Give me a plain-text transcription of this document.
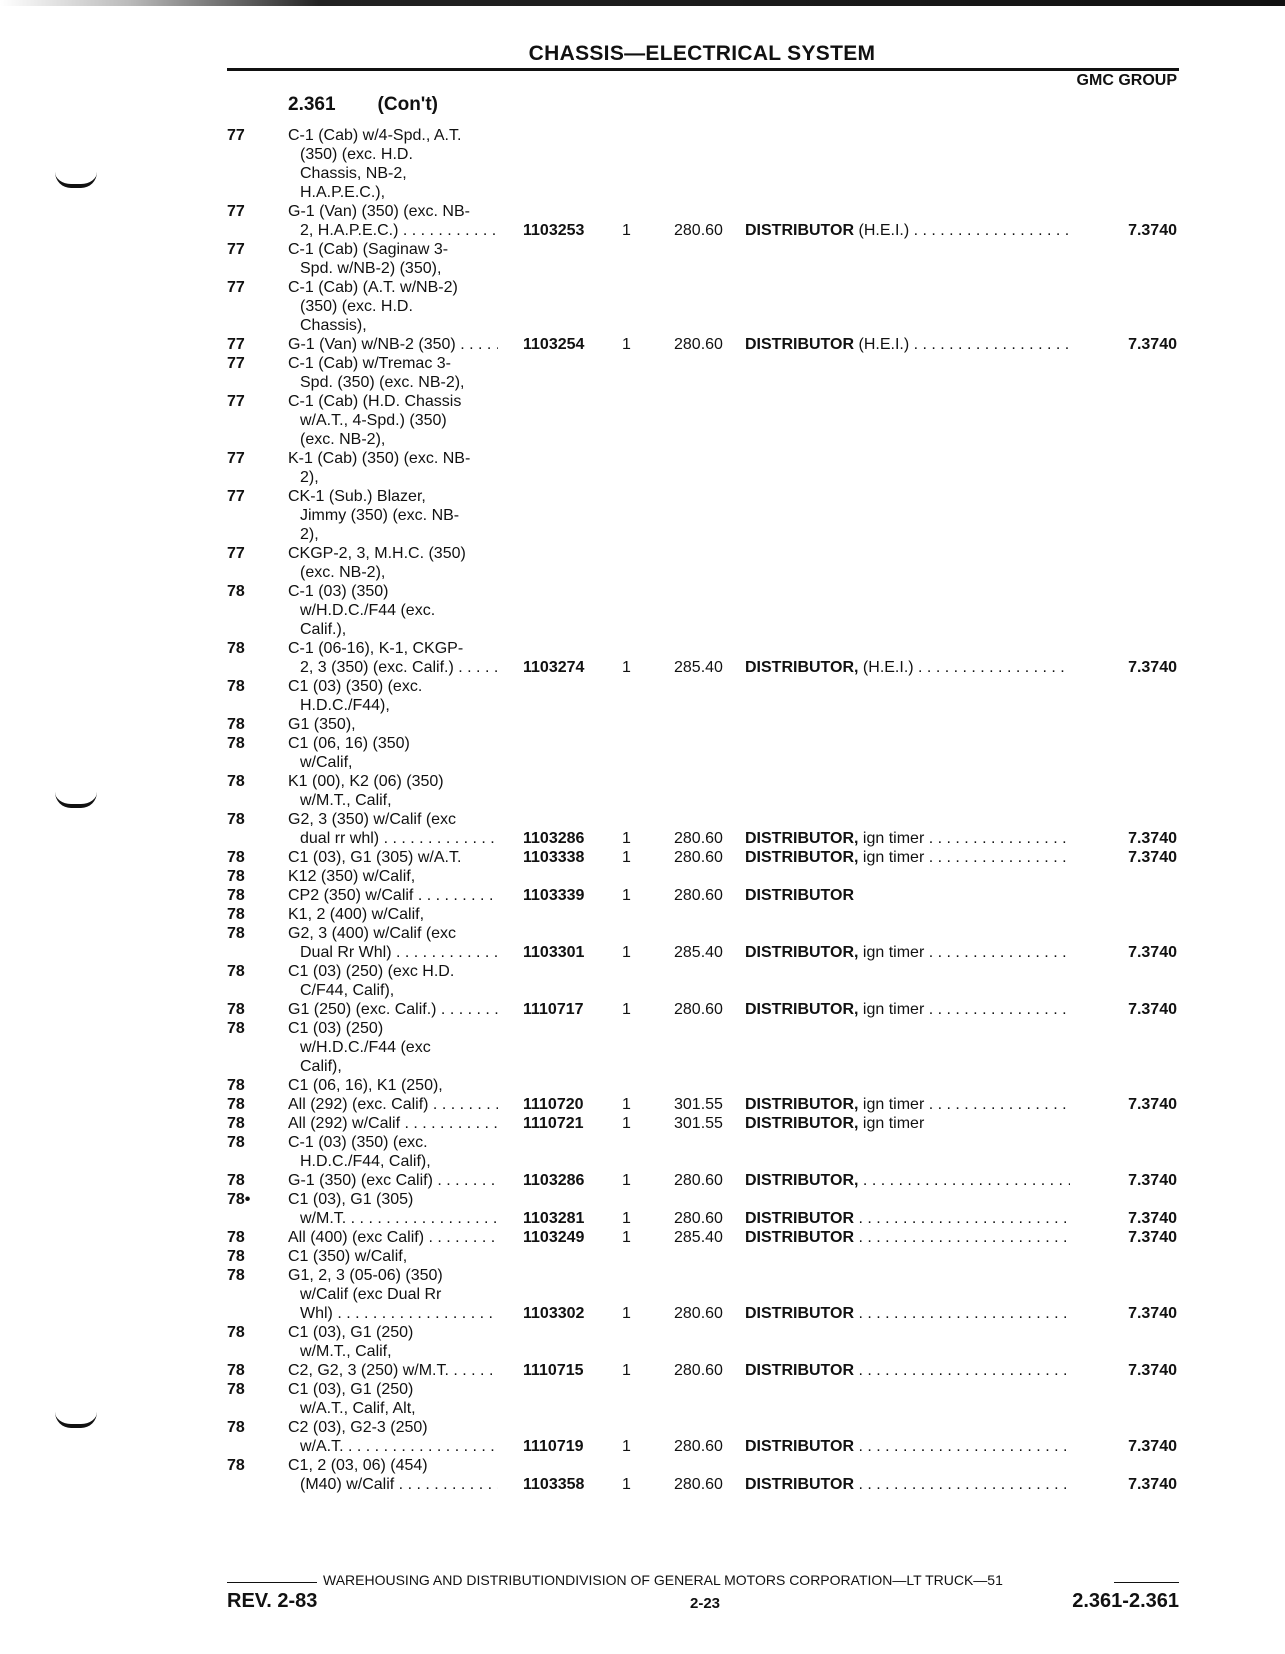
CHASSIS—ELECTRICAL SYSTEM
GMC GROUP
2.361 (Con't)
77	C-1 (Cab) w/4-Spd., A.T.
(350) (exc. H.D.
Chassis, NB-2,
H.A.P.E.C.),
77	G-1 (Van) (350) (exc. NB-
2, H.A.P.E.C.) . . .	1103253 1	280.60 DISTRIBUTOR (H.E.I.) . . .	7.3740
77	C-1 (Cab) (Saginaw 3-
Spd. w/NB-2) (350),
77	C-1 (Cab) (A.T. w/NB-2)
(350) (exc. H.D.
Chassis),
77	G-1 (Van) w/NB-2 (350) . . .	1103254 1	280.60 DISTRIBUTOR (H.E.I.) . . .	7.3740
77	C-1 (Cab) w/Tremac 3-
Spd. (350) (exc. NB-2),
77	C-1 (Cab) (H.D. Chassis
w/A.T., 4-Spd.) (350)
(exc. NB-2),
77	K-1 (Cab) (350) (exc. NB-
2),
77	CK-1 (Sub.) Blazer,
Jimmy (350) (exc. NB-
2),
77	CKGP-2, 3, M.H.C. (350)
(exc. NB-2),
78	C-1 (03) (350)
w/H.D.C./F44 (exc.
Calif.),
78	C-1 (06-16), K-1, CKGP-
2, 3 (350) (exc. Calif.) . . .	1103274 1	285.40 DISTRIBUTOR, (H.E.I.) . . .	7.3740
78	C1 (03) (350) (exc.
H.D.C./F44),
78	G1 (350),
78	C1 (06, 16) (350)
w/Calif,
78	K1 (00), K2 (06) (350)
w/M.T., Calif,
78	G2, 3 (350) w/Calif (exc
dual rr whl) . . .	1103286 1	280.60 DISTRIBUTOR, ign timer . . .	7.3740
78	C1 (03), G1 (305) w/A.T.	1103338 1	280.60 DISTRIBUTOR, ign timer . . .	7.3740
78	K12 (350) w/Calif,
78	CP2 (350) w/Calif . . .	1103339 1	280.60 DISTRIBUTOR
78	K1, 2 (400) w/Calif,
78	G2, 3 (400) w/Calif (exc
Dual Rr Whl) . . .	1103301 1	285.40 DISTRIBUTOR, ign timer . . .	7.3740
78	C1 (03) (250) (exc H.D.
C/F44, Calif),
78	G1 (250) (exc. Calif.) . . .	1110717 1	280.60 DISTRIBUTOR, ign timer . . .	7.3740
78	C1 (03) (250)
w/H.D.C./F44 (exc
Calif),
78	C1 (06, 16), K1 (250),
78	All (292) (exc. Calif) . . .	1110720 1	301.55 DISTRIBUTOR, ign timer . . .	7.3740
78	All (292) w/Calif . . .	1110721 1	301.55 DISTRIBUTOR, ign timer
78	C-1 (03) (350) (exc.
H.D.C./F44, Calif),
78	G-1 (350) (exc Calif) . . .	1103286 1	280.60 DISTRIBUTOR, . . .	7.3740
78• C1 (03), G1 (305)
w/M.T. . . .	1103281 1	280.60 DISTRIBUTOR . . .	7.3740
78	All (400) (exc Calif) . . .	1103249 1	285.40 DISTRIBUTOR . . .	7.3740
78	C1 (350) w/Calif,
78	G1, 2, 3 (05-06) (350)
w/Calif (exc Dual Rr
Whl) . . .	1103302 1	280.60 DISTRIBUTOR . . .	7.3740
78	C1 (03), G1 (250)
w/M.T., Calif,
78	C2, G2, 3 (250) w/M.T. . . .	1110715 1	280.60 DISTRIBUTOR . . .	7.3740
78	C1 (03), G1 (250)
w/A.T., Calif, Alt,
78	C2 (03), G2-3 (250)
w/A.T. . . .	1110719 1	280.60 DISTRIBUTOR . . .	7.3740
78	C1, 2 (03, 06) (454)
(M40) w/Calif . . .	1103358 1	280.60 DISTRIBUTOR . . .	7.3740
WAREHOUSING AND DISTRIBUTIONDIVISION OF GENERAL MOTORS CORPORATION—LT TRUCK—51
REV. 2-83	2-23	2.361-2.361
